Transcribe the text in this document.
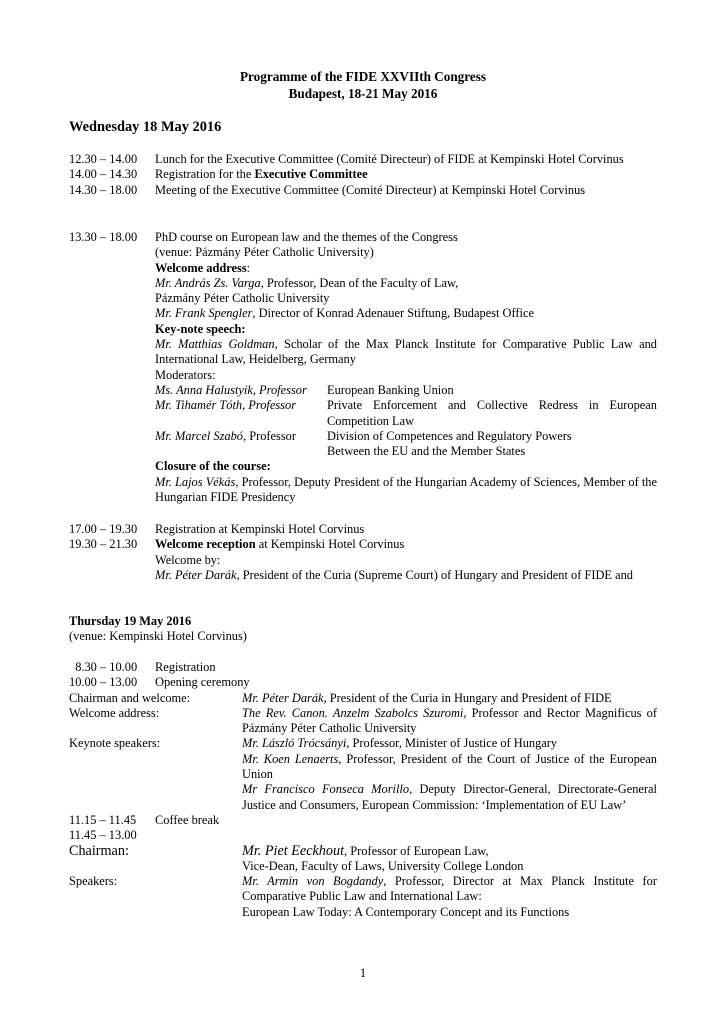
Programme of the FIDE XXVIIth Congress
Budapest, 18-21 May 2016
Wednesday 18 May 2016
12.30 – 14.00	Lunch for the Executive Committee (Comité Directeur) of FIDE at Kempinski Hotel Corvinus
14.00 – 14.30	Registration for the Executive Committee
14.30 – 18.00	Meeting of the Executive Committee (Comité Directeur) at Kempinski Hotel Corvinus
13.30 – 18.00	PhD course on European law and the themes of the Congress
(venue: Pázmány Péter Catholic University)
Welcome address:
Mr. András Zs. Varga, Professor, Dean of the Faculty of Law,
Pázmány Péter Catholic University
Mr. Frank Spengler, Director of Konrad Adenauer Stiftung, Budapest Office
Key-note speech:
Mr. Matthias Goldman, Scholar of the Max Planck Institute for Comparative Public Law and International Law, Heidelberg, Germany
Moderators:
Ms. Anna Halustyik, Professor	European Banking Union
Mr. Tihamér Tóth, Professor	Private Enforcement and Collective Redress in European Competition Law
Mr. Marcel Szabó, Professor	Division of Competences and Regulatory Powers
Between the EU and the Member States
Closure of the course:
Mr. Lajos Vékás, Professor, Deputy President of the Hungarian Academy of Sciences, Member of the Hungarian FIDE Presidency
17.00 – 19.30	Registration at Kempinski Hotel Corvinus
19.30 – 21.30	Welcome reception at Kempinski Hotel Corvinus
Welcome by:
Mr. Péter Darák, President of the Curia (Supreme Court) of Hungary and President of FIDE and
Thursday 19 May 2016
(venue: Kempinski Hotel Corvinus)
8.30 – 10.00	Registration
10.00 – 13.00	Opening ceremony
Chairman and welcome:	Mr. Péter Darák, President of the Curia in Hungary and President of FIDE
Welcome address:	The Rev. Canon. Anzelm Szabolcs Szuromi, Professor and Rector Magnificus of Pázmány Péter Catholic University
Keynote speakers:	Mr. László Trócsányi, Professor, Minister of Justice of Hungary
Mr. Koen Lenaerts, Professor, President of the Court of Justice of the European Union
Mr Francisco Fonseca Morillo, Deputy Director-General, Directorate-General Justice and Consumers, European Commission: ‘Implementation of EU Law’
11.15 – 11.45	Coffee break
11.45 – 13.00
Chairman:	Mr. Piet Eeckhout, Professor of European Law,
Vice-Dean, Faculty of Laws, University College London
Speakers:	Mr. Armin von Bogdandy, Professor, Director at Max Planck Institute for Comparative Public Law and International Law:
European Law Today: A Contemporary Concept and its Functions
1
